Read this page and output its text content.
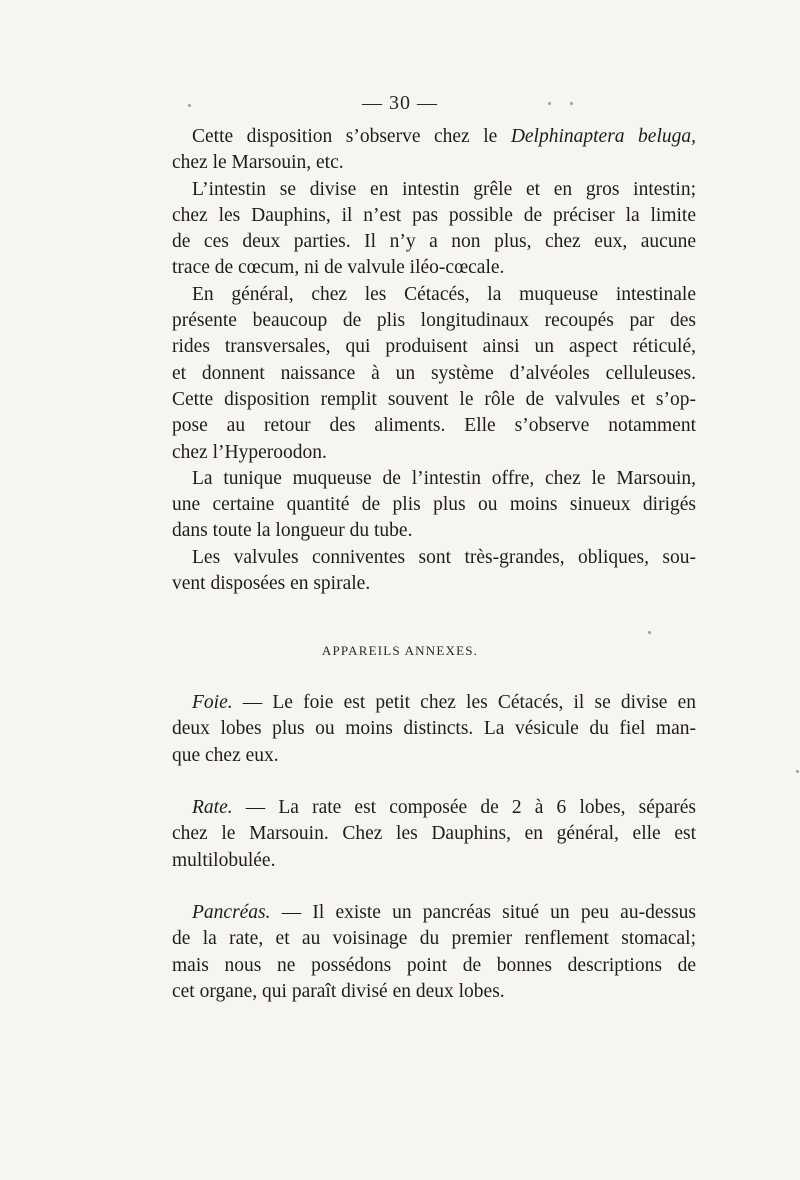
— 30 —
Cette disposition s’observe chez le Delphinaptera beluga,
chez le Marsouin, etc.
L’intestin se divise en intestin grêle et en gros intestin;
chez les Dauphins, il n’est pas possible de préciser la limite
de ces deux parties. Il n’y a non plus, chez eux, aucune
trace de cœcum, ni de valvule iléo-cœcale.
En général, chez les Cétacés, la muqueuse intestinale
présente beaucoup de plis longitudinaux recoupés par des
rides transversales, qui produisent ainsi un aspect réticulé,
et donnent naissance à un système d’alvéoles celluleuses.
Cette disposition remplit souvent le rôle de valvules et s’op-
pose au retour des aliments. Elle s’observe notamment
chez l’Hyperoodon.
La tunique muqueuse de l’intestin offre, chez le Marsouin,
une certaine quantité de plis plus ou moins sinueux dirigés
dans toute la longueur du tube.
Les valvules conniventes sont très-grandes, obliques, sou-
vent disposées en spirale.
APPAREILS ANNEXES.
Foie. — Le foie est petit chez les Cétacés, il se divise en
deux lobes plus ou moins distincts. La vésicule du fiel man-
que chez eux.
Rate. — La rate est composée de 2 à 6 lobes, séparés
chez le Marsouin. Chez les Dauphins, en général, elle est
multilobulée.
Pancréas. — Il existe un pancréas situé un peu au-dessus
de la rate, et au voisinage du premier renflement stomacal;
mais nous ne possédons point de bonnes descriptions de
cet organe, qui paraît divisé en deux lobes.
